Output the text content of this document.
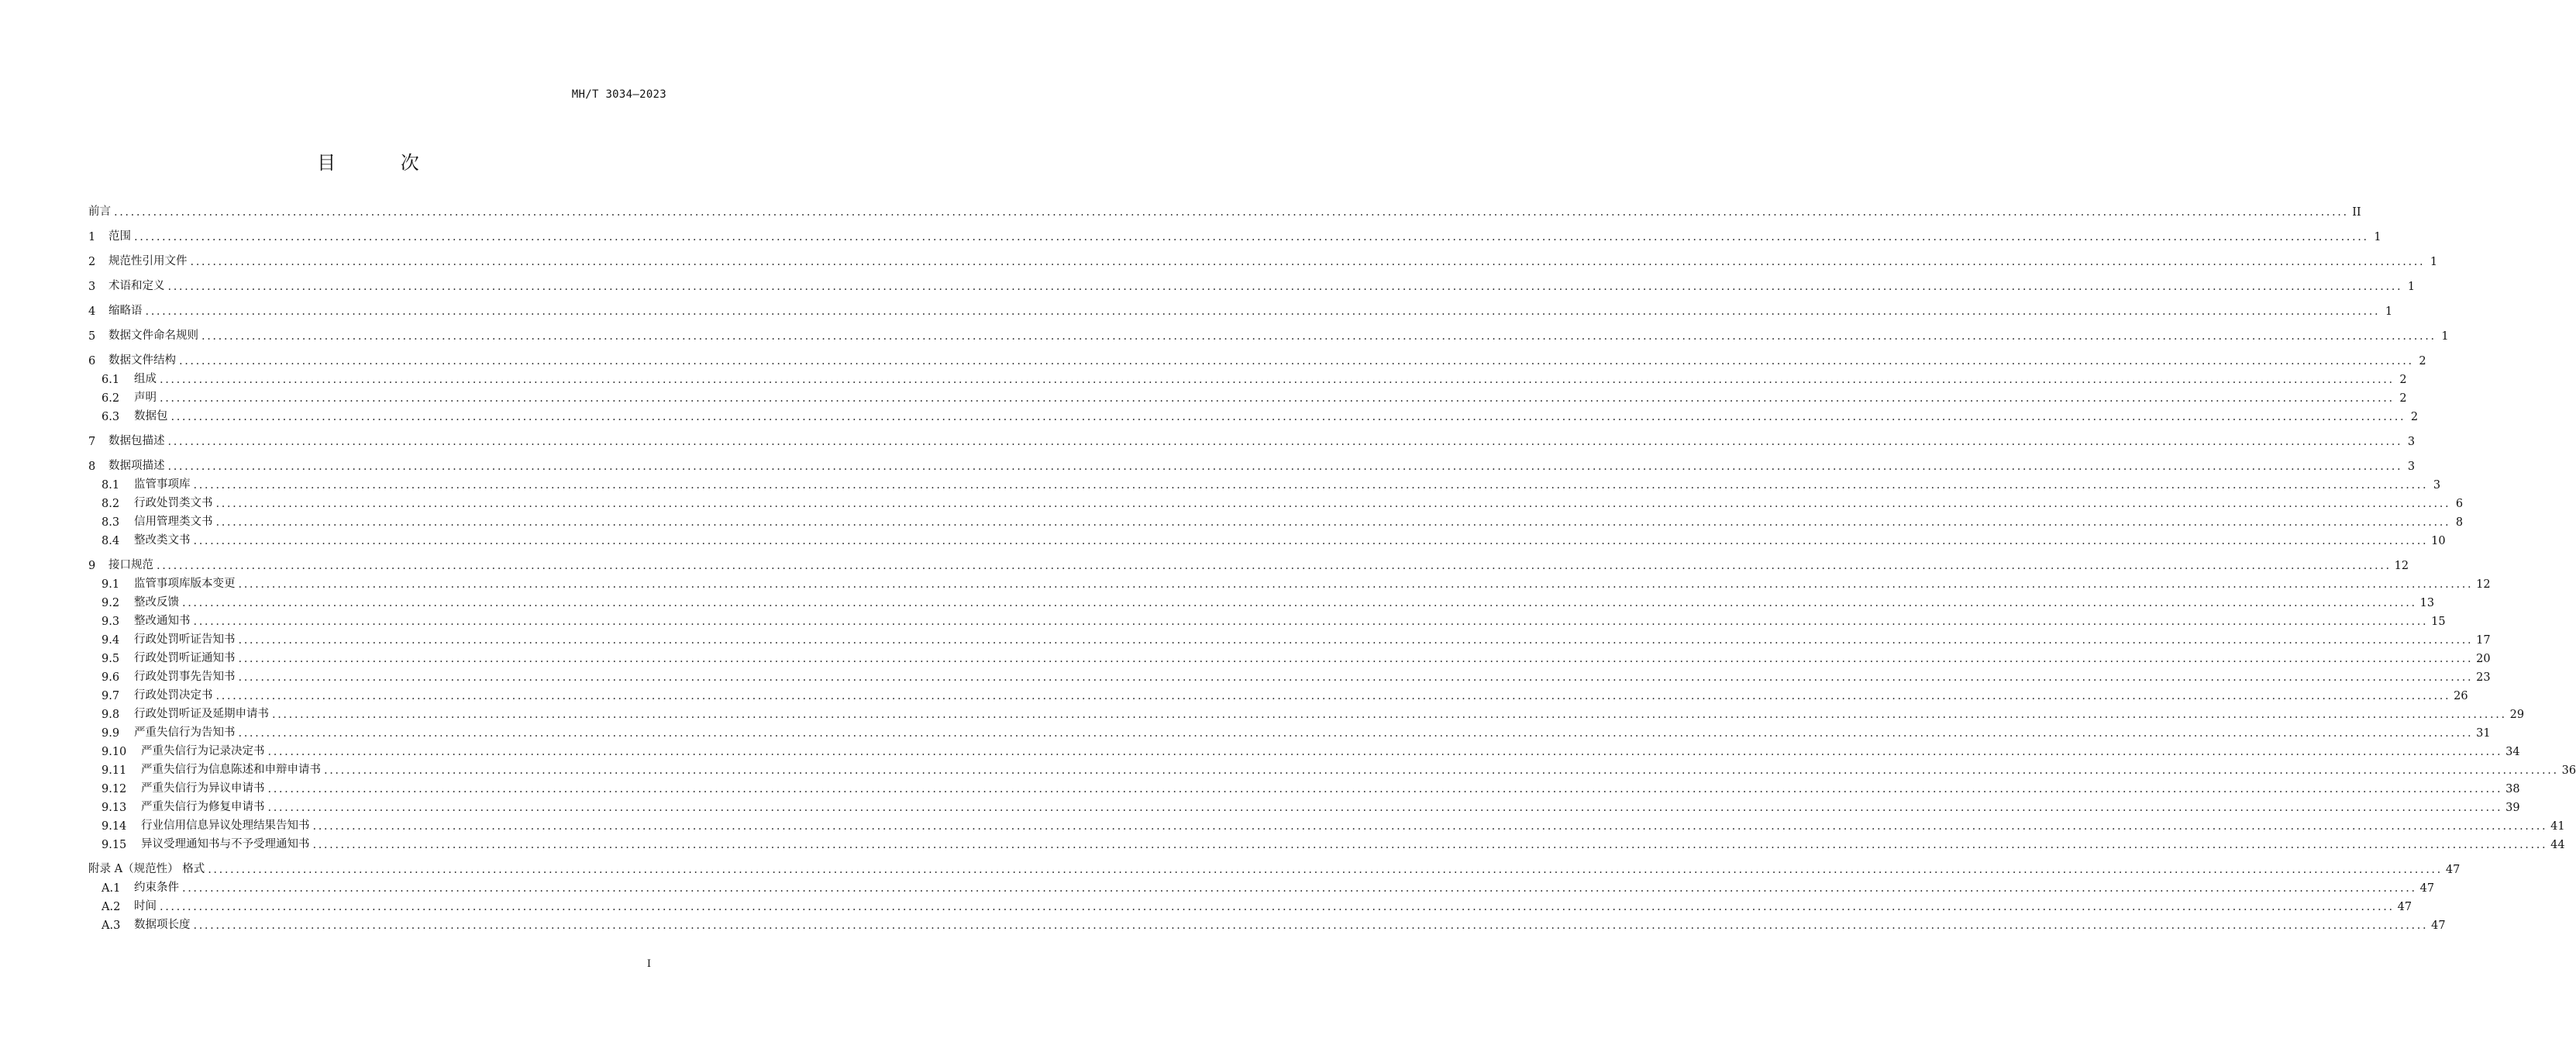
MH/T 3034—2023
目 次
前言 ................................................................................................................................................................................................................................................................................................................................................................................................................ II
1	范围 ................................................................................................................................................................................................................................................................................................................................................................................................................ 1
2	规范性引用文件 ................................................................................................................................................................................................................................................................................................................................................................................................................ 1
3	术语和定义 ................................................................................................................................................................................................................................................................................................................................................................................................................ 1
4	缩略语 ................................................................................................................................................................................................................................................................................................................................................................................................................ 1
5	数据文件命名规则 ................................................................................................................................................................................................................................................................................................................................................................................................................ 1
6	数据文件结构 ................................................................................................................................................................................................................................................................................................................................................................................................................ 2
6.1	组成 ................................................................................................................................................................................................................................................................................................................................................................................................................ 2
6.2	声明 ................................................................................................................................................................................................................................................................................................................................................................................................................ 2
6.3	数据包 ................................................................................................................................................................................................................................................................................................................................................................................................................ 2
7	数据包描述 ................................................................................................................................................................................................................................................................................................................................................................................................................ 3
8	数据项描述 ................................................................................................................................................................................................................................................................................................................................................................................................................ 3
8.1	监管事项库 ................................................................................................................................................................................................................................................................................................................................................................................................................ 3
8.2	行政处罚类文书 ................................................................................................................................................................................................................................................................................................................................................................................................................ 6
8.3	信用管理类文书 ................................................................................................................................................................................................................................................................................................................................................................................................................ 8
8.4	整改类文书 ................................................................................................................................................................................................................................................................................................................................................................................................................ 10
9	接口规范 ................................................................................................................................................................................................................................................................................................................................................................................................................ 12
9.1	监管事项库版本变更 ................................................................................................................................................................................................................................................................................................................................................................................................................ 12
9.2	整改反馈 ................................................................................................................................................................................................................................................................................................................................................................................................................ 13
9.3	整改通知书 ................................................................................................................................................................................................................................................................................................................................................................................................................ 15
9.4	行政处罚听证告知书 ................................................................................................................................................................................................................................................................................................................................................................................................................ 17
9.5	行政处罚听证通知书 ................................................................................................................................................................................................................................................................................................................................................................................................................ 20
9.6	行政处罚事先告知书 ................................................................................................................................................................................................................................................................................................................................................................................................................ 23
9.7	行政处罚决定书 ................................................................................................................................................................................................................................................................................................................................................................................................................ 26
9.8	行政处罚听证及延期申请书 ................................................................................................................................................................................................................................................................................................................................................................................................................ 29
9.9	严重失信行为告知书 ................................................................................................................................................................................................................................................................................................................................................................................................................ 31
9.10	严重失信行为记录决定书 ................................................................................................................................................................................................................................................................................................................................................................................................................ 34
9.11	严重失信行为信息陈述和申辩申请书 ................................................................................................................................................................................................................................................................................................................................................................................................................ 36
9.12	严重失信行为异议申请书 ................................................................................................................................................................................................................................................................................................................................................................................................................ 38
9.13	严重失信行为修复申请书 ................................................................................................................................................................................................................................................................................................................................................................................................................ 39
9.14	行业信用信息异议处理结果告知书 ................................................................................................................................................................................................................................................................................................................................................................................................................ 41
9.15	异议受理通知书与不予受理通知书 ................................................................................................................................................................................................................................................................................................................................................................................................................ 44
附录 A（规范性） 格式 ................................................................................................................................................................................................................................................................................................................................................................................................................ 47
A.1	约束条件 ................................................................................................................................................................................................................................................................................................................................................................................................................ 47
A.2	时间 ................................................................................................................................................................................................................................................................................................................................................................................................................ 47
A.3	数据项长度 ................................................................................................................................................................................................................................................................................................................................................................................................................ 47
I
